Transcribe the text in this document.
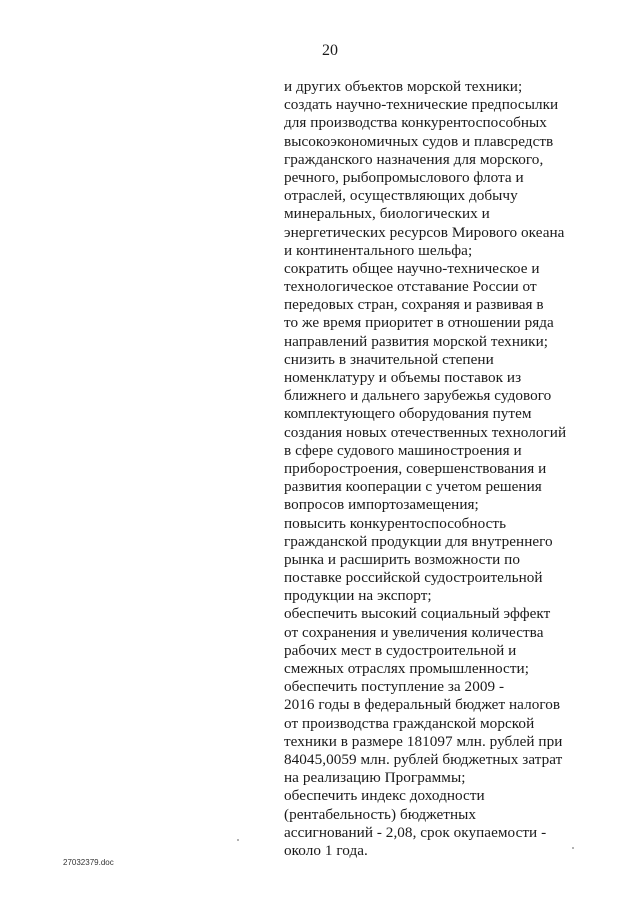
20
и других объектов морской техники;
создать научно-технические предпосылки
для производства конкурентоспособных
высокоэкономичных судов и плавсредств
гражданского назначения для морского,
речного, рыбопромыслового флота и
отраслей, осуществляющих добычу
минеральных, биологических и
энергетических ресурсов Мирового океана
и континентального шельфа;
сократить общее научно-техническое и
технологическое отставание России от
передовых стран, сохраняя и развивая в
то же время приоритет в отношении ряда
направлений развития морской техники;
снизить в значительной степени
номенклатуру и объемы поставок из
ближнего и дальнего зарубежья судового
комплектующего оборудования путем
создания новых отечественных технологий
в сфере судового машиностроения и
приборостроения, совершенствования и
развития кооперации с учетом решения
вопросов импортозамещения;
повысить конкурентоспособность
гражданской продукции для внутреннего
рынка и расширить возможности по
поставке российской судостроительной
продукции на экспорт;
обеспечить высокий социальный эффект
от сохранения и увеличения количества
рабочих мест в судостроительной и
смежных отраслях промышленности;
обеспечить поступление за 2009 -
2016 годы в федеральный бюджет налогов
от производства гражданской морской
техники в размере 181097 млн. рублей при
84045,0059 млн. рублей бюджетных затрат
на реализацию Программы;
обеспечить индекс доходности
(рентабельность) бюджетных
ассигнований - 2,08, срок окупаемости -
около 1 года.
27032379.doc
